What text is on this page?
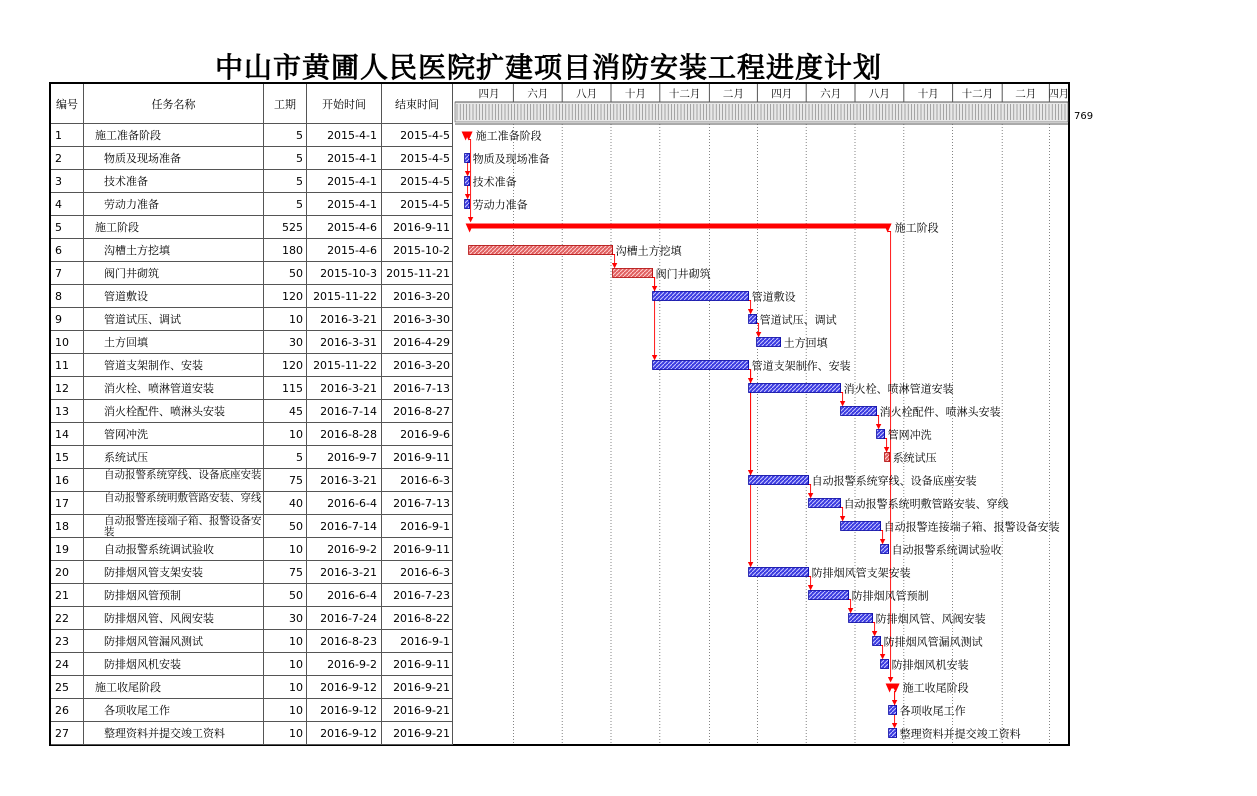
中山市黄圃人民医院扩建项目消防安装工程进度计划
编号	任务名称	工期	开始时间	结束时间
1	施工准备阶段	5	2015-4-1	2015-4-5
2	物质及现场准备	5	2015-4-1	2015-4-5
3	技术准备	5	2015-4-1	2015-4-5
4	劳动力准备	5	2015-4-1	2015-4-5
5	施工阶段	525	2015-4-6	2016-9-11
6	沟槽土方挖填	180	2015-4-6	2015-10-2
7	阀门井砌筑	50	2015-10-3 2015-11-21
8	管道敷设	120 2015-11-22	2016-3-20
9	管道试压、调试	10	2016-3-21	2016-3-30
10	土方回填	30	2016-3-31	2016-4-29
11	管道支架制作、安装	120 2015-11-22	2016-3-20
12	消火栓、喷淋管道安装	115	2016-3-21	2016-7-13
13	消火栓配件、喷淋头安装	45	2016-7-14	2016-8-27
14	管网冲洗	10	2016-8-28	2016-9-6
15	系统试压	5	2016-9-7	2016-9-11
16	自动报警系统穿线、设备底座安装	75	2016-3-21	2016-6-3
17	自动报警系统明敷管路安装、穿线	40	2016-6-4	2016-7-13
18	自动报警连接端子箱、报警设备安装	50	2016-7-14	2016-9-1
19	自动报警系统调试验收	10	2016-9-2	2016-9-11
20	防排烟风管支架安装	75	2016-3-21	2016-6-3
21	防排烟风管预制	50	2016-6-4	2016-7-23
22	防排烟风管、风阀安装	30	2016-7-24	2016-8-22
23	防排烟风管漏风测试	10	2016-8-23	2016-9-1
24	防排烟风机安装	10	2016-9-2	2016-9-11
25	施工收尾阶段	10	2016-9-12	2016-9-21
26	各项收尾工作	10	2016-9-12	2016-9-21
27	整理资料并提交竣工资料	10	2016-9-12	2016-9-21
四月	六月	八月	十月 十二月 二月	四月	六月	八月	十月 十二月 二月 四月
769
施工准备阶段
物质及现场准备
技术准备
劳动力准备
施工阶段
沟槽土方挖填
阀门井砌筑
管道敷设
管道试压、调试
土方回填
管道支架制作、安装
消火栓、喷淋管道安装
消火栓配件、喷淋头安装
管网冲洗
系统试压
自动报警系统穿线、设备底座安装
自动报警系统明敷管路安装、穿线
自动报警连接端子箱、报警设备安装
自动报警系统调试验收
防排烟风管支架安装
防排烟风管预制
防排烟风管、风阀安装
防排烟风管漏风测试
防排烟风机安装
施工收尾阶段
各项收尾工作
整理资料并提交竣工资料
